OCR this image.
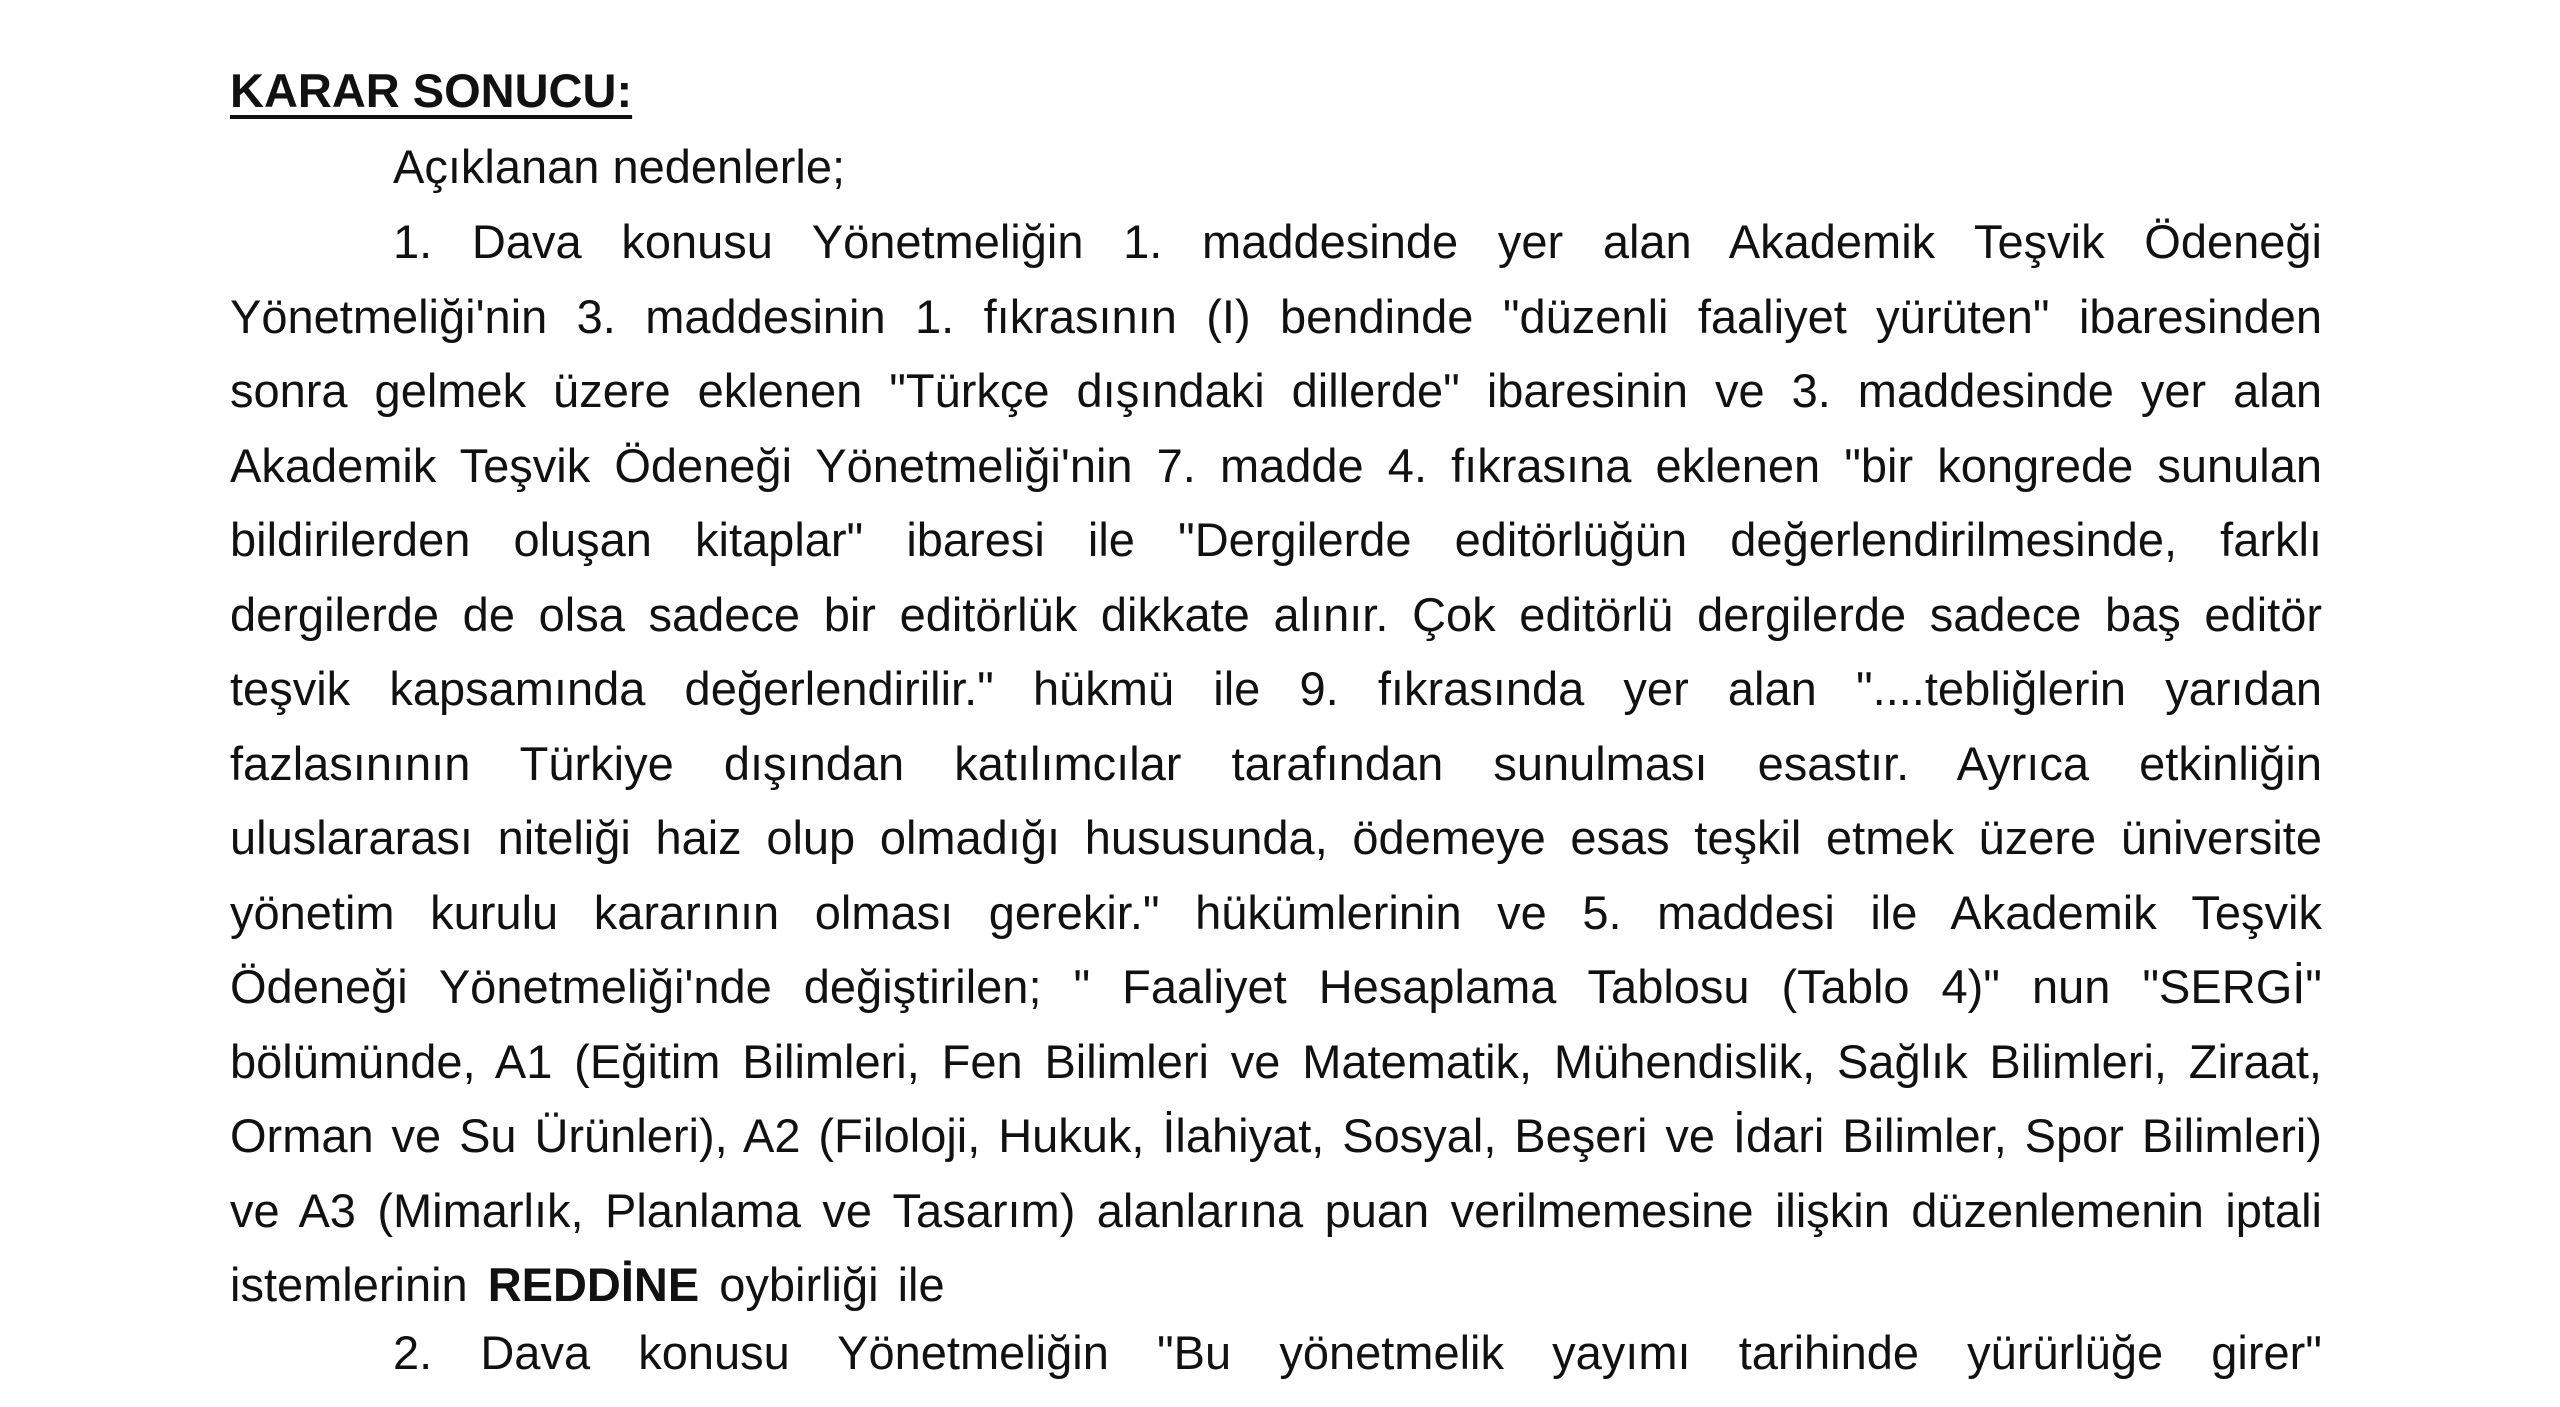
KARAR SONUCU:

Açıklanan nedenlerle;

1. Dava konusu Yönetmeliğin 1. maddesinde yer alan Akademik Teşvik Ödeneği
Yönetmeliği'nin 3. maddesinin 1. fıkrasının (I) bendinde "düzenli faaliyet yürüten" ibaresinden
sonra gelmek üzere eklenen "Türkçe dışındaki dillerde" ibaresinin ve 3. maddesinde yer alan
Akademik Teşvik Ödeneği Yönetmeliği'nin 7. madde 4. fıkrasına eklenen "bir kongrede sunulan
bildirilerden oluşan kitaplar" ibaresi ile "Dergilerde editörlüğün değerlendirilmesinde, farklı
dergilerde de olsa sadece bir editörlük dikkate alınır. Çok editörlü dergilerde sadece baş editör
teşvik kapsamında değerlendirilir." hükmü ile 9. fıkrasında yer alan "....tebliğlerin yarıdan
fazlasınının Türkiye dışından katılımcılar tarafından sunulması esastır. Ayrıca etkinliğin
uluslararası niteliği haiz olup olmadığı hususunda, ödemeye esas teşkil etmek üzere üniversite
yönetim kurulu kararının olması gerekir." hükümlerinin ve 5. maddesi ile Akademik Teşvik
Ödeneği Yönetmeliği'nde değiştirilen; " Faaliyet Hesaplama Tablosu (Tablo 4)" nun "SERGİ"
bölümünde, A1 (Eğitim Bilimleri, Fen Bilimleri ve Matematik, Mühendislik, Sağlık Bilimleri, Ziraat,
Orman ve Su Ürünleri), A2 (Filoloji, Hukuk, İlahiyat, Sosyal, Beşeri ve İdari Bilimler, Spor Bilimleri)
ve A3 (Mimarlık, Planlama ve Tasarım) alanlarına puan verilmemesine ilişkin düzenlemenin iptali
istemlerinin REDDİNE oybirliği ile
2. Dava konusu Yönetmeliğin "Bu yönetmelik yayımı tarihinde yürürlüğe girer"
